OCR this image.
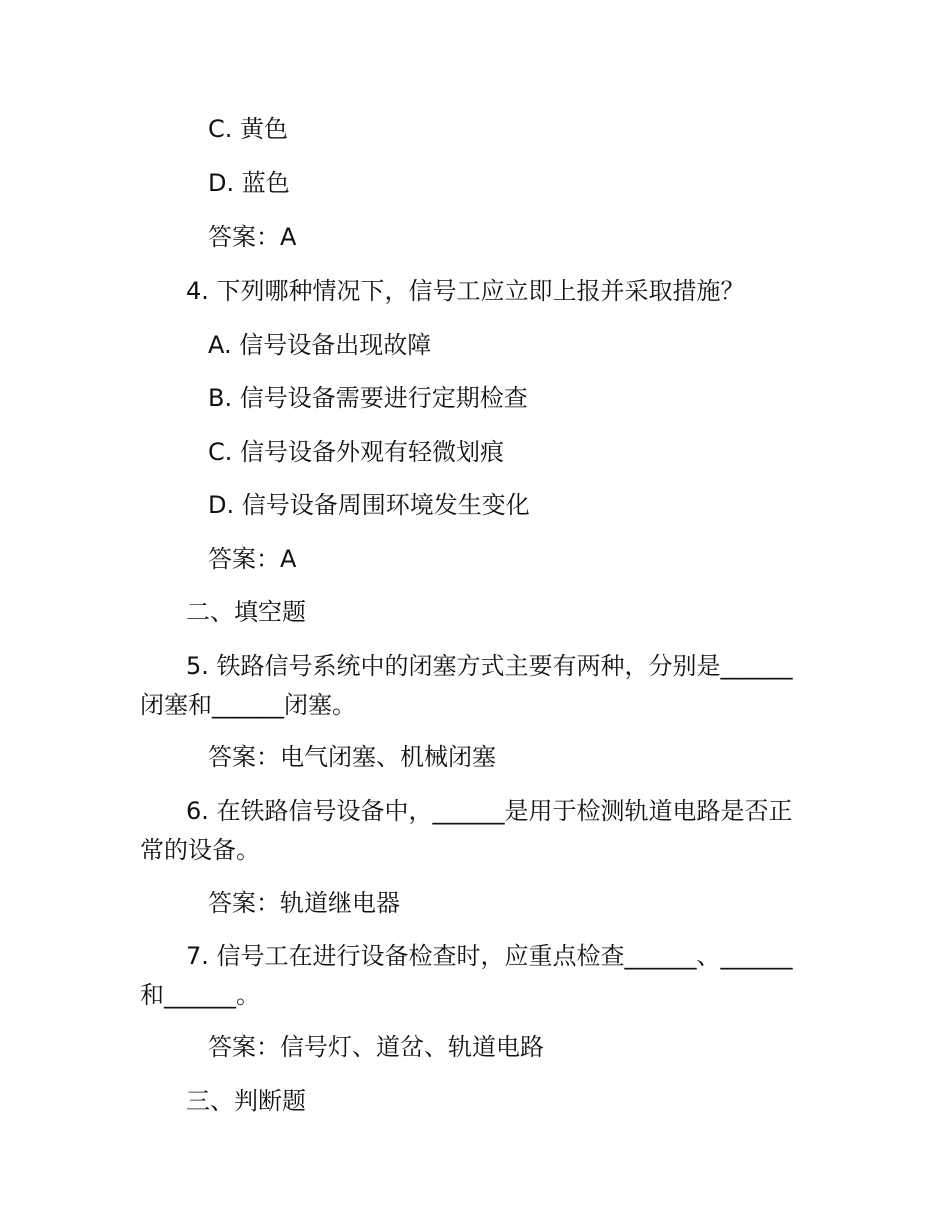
C. 黄色

D. 蓝色

答案：A

4. 下列哪种情况下，信号工应立即上报并采取措施？

A. 信号设备出现故障

B. 信号设备需要进行定期检查

C. 信号设备外观有轻微划痕

D. 信号设备周围环境发生变化

答案：A

二、填空题

5. 铁路信号系统中的闭塞方式主要有两种，分别是______

闭塞和______闭塞。

答案：电气闭塞、机械闭塞

6. 在铁路信号设备中，______是用于检测轨道电路是否正

常的设备。

答案：轨道继电器

7. 信号工在进行设备检查时，应重点检查______、______

和______。

答案：信号灯、道岔、轨道电路

三、判断题
